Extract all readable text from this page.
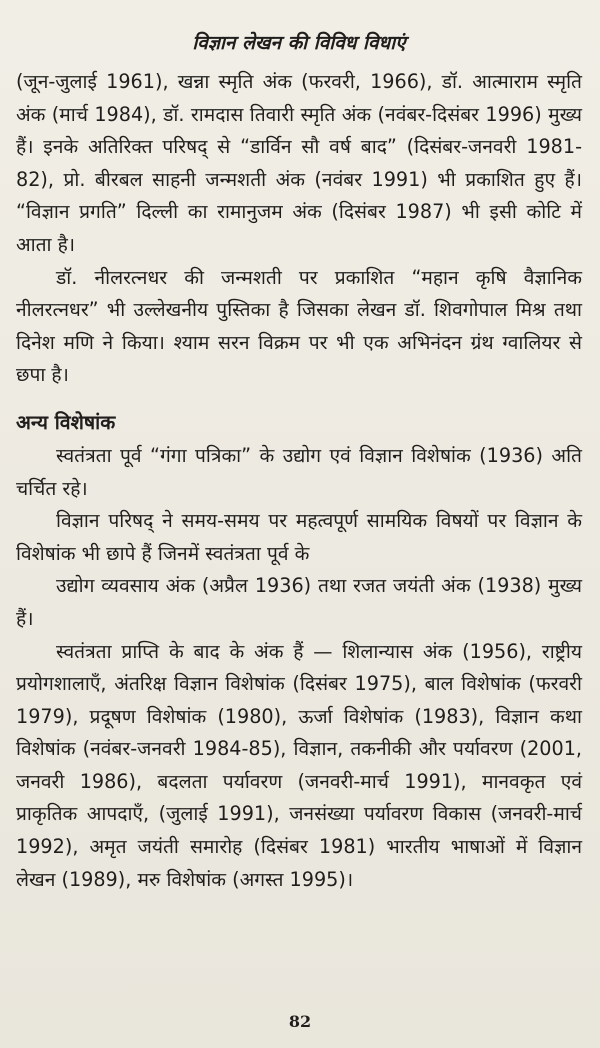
विज्ञान लेखन की विविध विधाएं

(जून-जुलाई 1961), खन्ना स्मृति अंक (फरवरी, 1966), डॉ. आत्माराम स्मृति अंक (मार्च 1984), डॉ. रामदास तिवारी स्मृति अंक (नवंबर-दिसंबर 1996) मुख्य हैं। इनके अतिरिक्त परिषद् से “डार्विन सौ वर्ष बाद” (दिसंबर-जनवरी 1981-82), प्रो. बीरबल साहनी जन्मशती अंक (नवंबर 1991) भी प्रकाशित हुए हैं। “विज्ञान प्रगति” दिल्ली का रामानुजम अंक (दिसंबर 1987) भी इसी कोटि में आता है।

डॉ. नीलरत्नधर की जन्मशती पर प्रकाशित “महान कृषि वैज्ञानिक नीलरत्नधर” भी उल्लेखनीय पुस्तिका है जिसका लेखन डॉ. शिवगोपाल मिश्र तथा दिनेश मणि ने किया। श्याम सरन विक्रम पर भी एक अभिनंदन ग्रंथ ग्वालियर से छपा है।

अन्य विशेषांक

स्वतंत्रता पूर्व “गंगा पत्रिका” के उद्योग एवं विज्ञान विशेषांक (1936) अति चर्चित रहे।

विज्ञान परिषद् ने समय-समय पर महत्वपूर्ण सामयिक विषयों पर विज्ञान के विशेषांक भी छापे हैं जिनमें स्वतंत्रता पूर्व के

उद्योग व्यवसाय अंक (अप्रैल 1936) तथा रजत जयंती अंक (1938) मुख्य हैं।

स्वतंत्रता प्राप्ति के बाद के अंक हैं — शिलान्यास अंक (1956), राष्ट्रीय प्रयोगशालाएँ, अंतरिक्ष विज्ञान विशेषांक (दिसंबर 1975), बाल विशेषांक (फरवरी 1979), प्रदूषण विशेषांक (1980), ऊर्जा विशेषांक (1983), विज्ञान कथा विशेषांक (नवंबर-जनवरी 1984-85), विज्ञान, तकनीकी और पर्यावरण (2001, जनवरी 1986), बदलता पर्यावरण (जनवरी-मार्च 1991), मानवकृत एवं प्राकृतिक आपदाएँ, (जुलाई 1991), जनसंख्या पर्यावरण विकास (जनवरी-मार्च 1992), अमृत जयंती समारोह (दिसंबर 1981) भारतीय भाषाओं में विज्ञान लेखन (1989), मरु विशेषांक (अगस्त 1995)।

82
